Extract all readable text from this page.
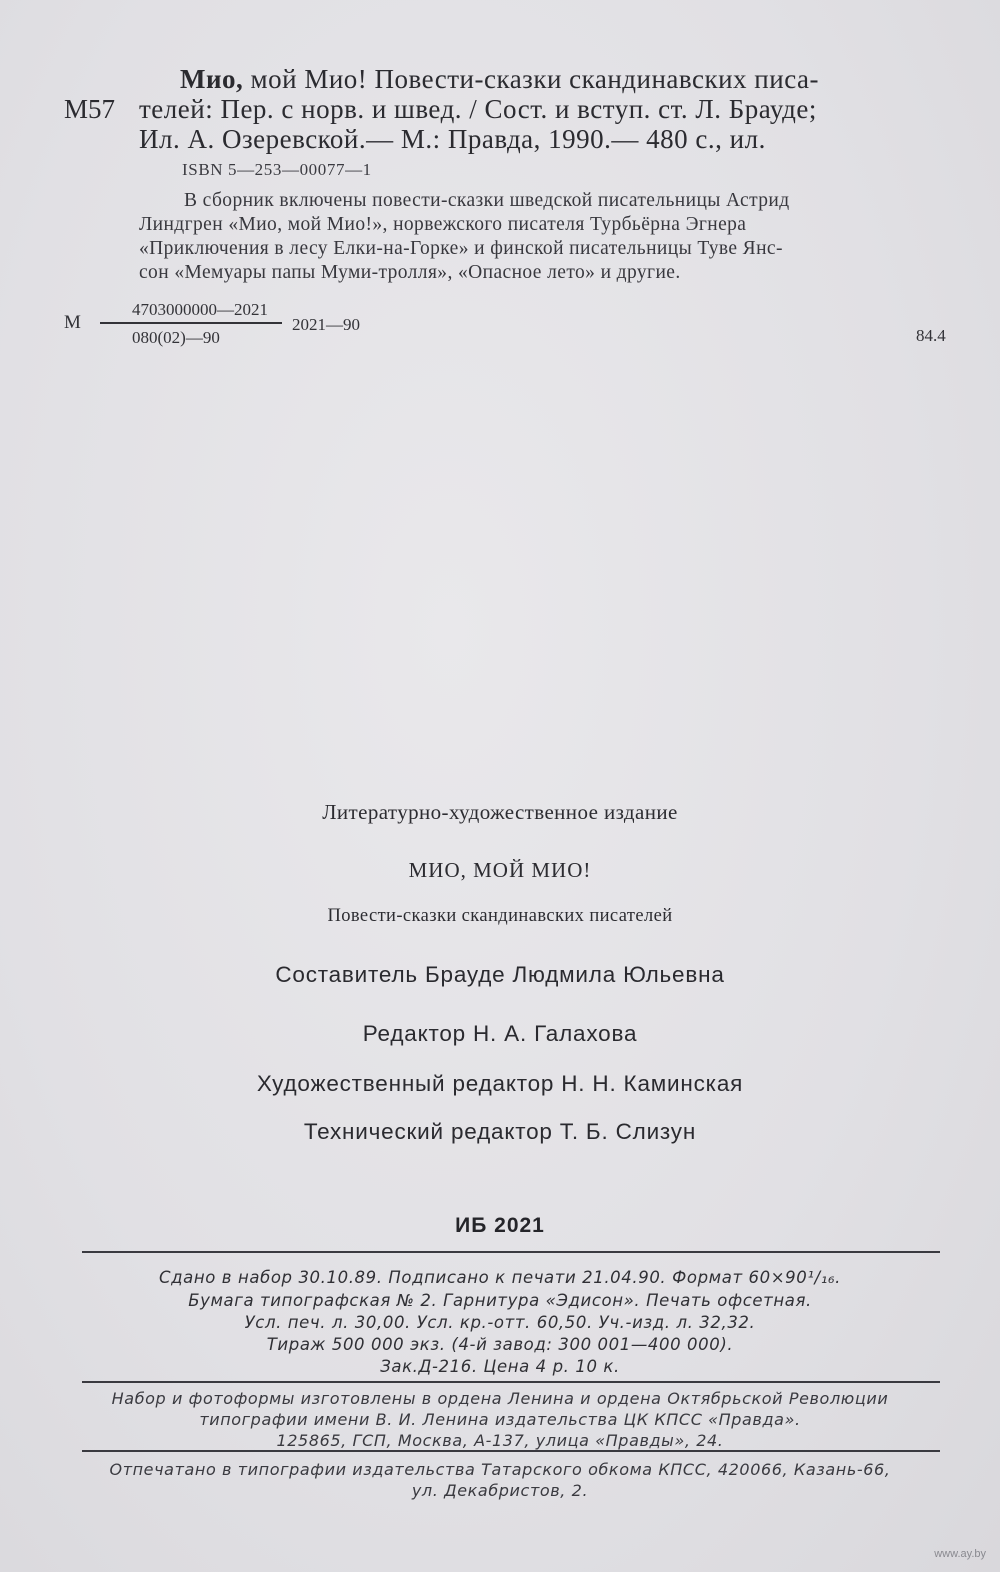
Мио, мой Мио! Повести-сказки скандинавских писа-
М57 телей: Пер. с норв. и швед. / Сост. и вступ. ст. Л. Брауде;
Ил. А. Озеревской.— М.: Правда, 1990.— 480 с., ил.
ISBN 5—253—00077—1
В сборник включены повести-сказки шведской писательницы Астрид
Линдгрен «Мио, мой Мио!», норвежского писателя Турбьёрна Эгнера
«Приключения в лесу Елки-на-Горке» и финской писательницы Туве Янс-
сон «Мемуары папы Муми-тролля», «Опасное лето» и другие.
М
4703000000—2021
080(02)—90
2021—90
84.4
Литературно-художественное издание
МИО, МОЙ МИО!
Повести-сказки скандинавских писателей
Составитель Брауде Людмила Юльевна
Редактор Н. А. Галахова
Художественный редактор Н. Н. Каминская
Технический редактор Т. Б. Слизун
ИБ 2021
Сдано в набор 30.10.89. Подписано к печати 21.04.90. Формат 60×90¹/₁₆.
Бумага типографская № 2. Гарнитура «Эдисон». Печать офсетная.
Усл. печ. л. 30,00. Усл. кр.-отт. 60,50. Уч.-изд. л. 32,32.
Тираж 500 000 экз. (4-й завод: 300 001—400 000).
Зак.Д-216. Цена 4 р. 10 к.
Набор и фотоформы изготовлены в ордена Ленина и ордена Октябрьской Революции
типографии имени В. И. Ленина издательства ЦК КПСС «Правда».
125865, ГСП, Москва, А-137, улица «Правды», 24.
Отпечатано в типографии издательства Татарского обкома КПСС, 420066, Казань-66,
ул. Декабристов, 2.
www.ay.by
